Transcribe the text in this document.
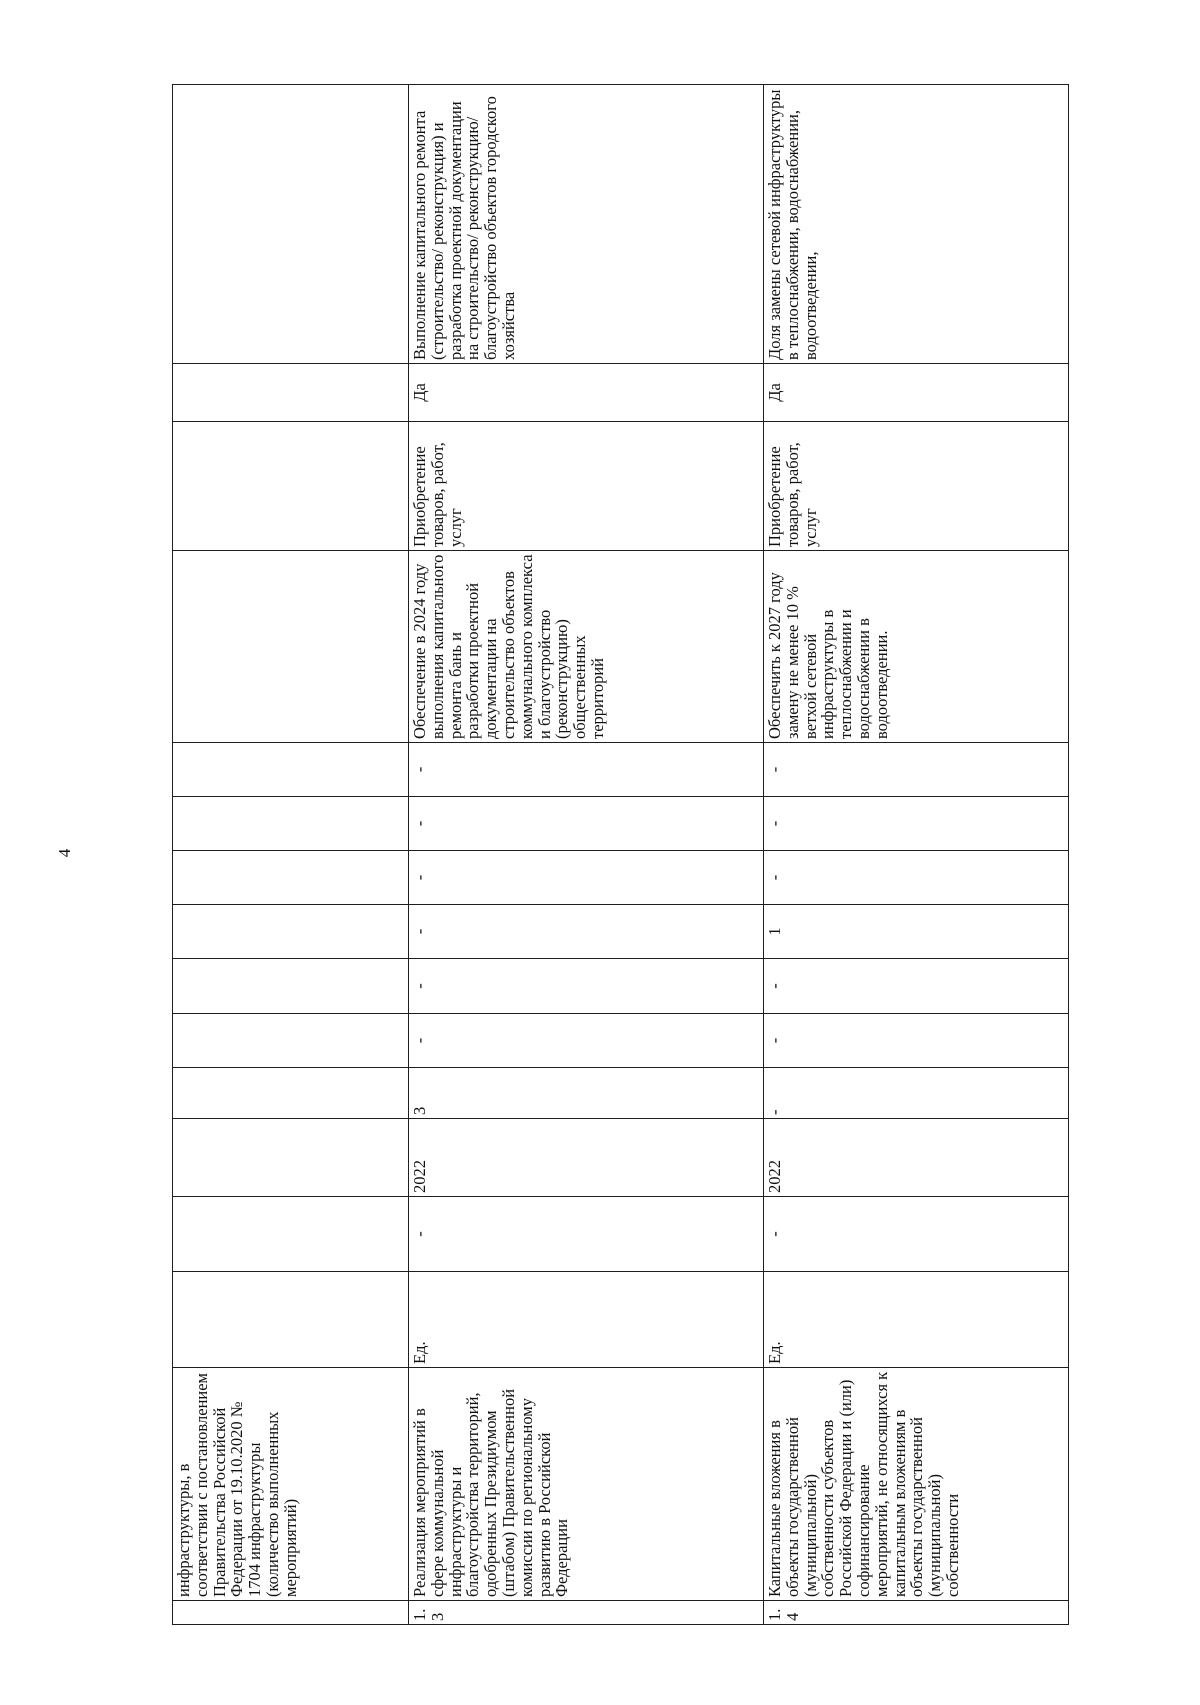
4
	инфраструктуры, в соответствии с постановлением Правительства Российской Федерации от 19.10.2020 № 1704 инфраструктуры (количество выполненных мероприятий)														
1.3	Реализация мероприятий в сфере коммунальной инфраструктуры и благоустройства территорий, одобренных Президиумом (штабом) Правительственной комиссии по региональному развитию в Российской Федерации	Ед.	-	2022	3	-	-	-	-	-	-	Обеспечение в 2024 году выполнения капитального ремонта бань и разработки проектной документации на строительство объектов коммунального комплекса и благоустройство (реконструкцию) общественных территорий	Приобретение товаров, работ, услуг	Да	Выполнение капитального ремонта (строительство/ реконструкция) и разработка проектной документации на строительство/ реконструкцию/ благоустройство объектов городского хозяйства
1.4	Капитальные вложения в объекты государственной (муниципальной) собственности субъектов Российской Федерации и (или) софинансирование мероприятий, не относящихся к капитальным вложениям в объекты государственной (муниципальной) собственности	Ед.	-	2022	-	-	-	1	-	-	-	Обеспечить к 2027 году замену не менее 10 % ветхой сетевой инфраструктуры в теплоснабжении и водоснабжении в водоотведении.	Приобретение товаров, работ, услуг	Да	Доля замены сетевой инфраструктуры в теплоснабжении, водоснабжении, водоотведении,
